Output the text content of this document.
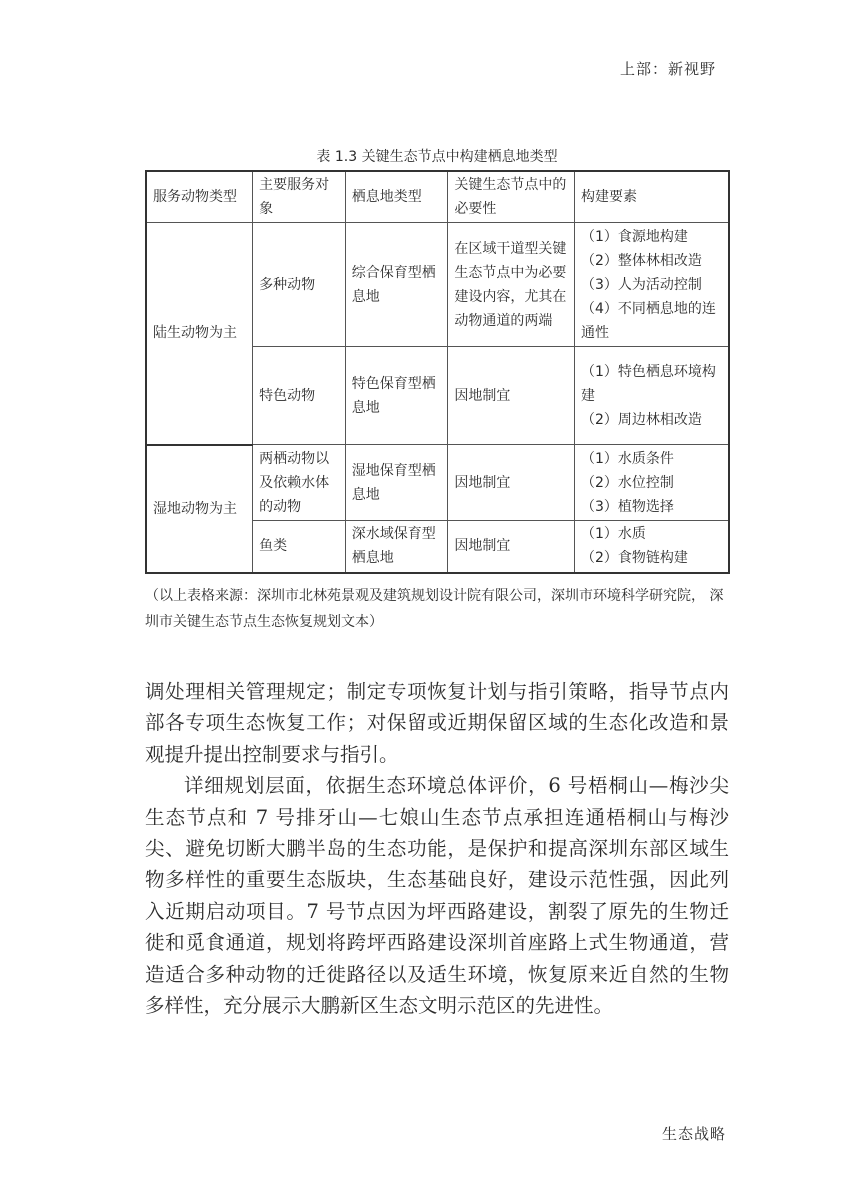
上部：新视野
表 1.3 关键生态节点中构建栖息地类型
服务动物类型	主要服务对象	栖息地类型	关键生态节点中的必要性	构建要素
陆生动物为主	多种动物	综合保育型栖息地	在区域干道型关键生态节点中为必要建设内容，尤其在动物通道的两端	（1）食源地构建
（2）整体林相改造
（3）人为活动控制
（4）不同栖息地的连通性

	特色动物	特色保育型栖息地	因地制宜	（1）特色栖息环境构建
（2）周边林相改造

湿地动物为主	两栖动物以及依赖水体的动物	湿地保育型栖息地	因地制宜	（1）水质条件
（2）水位控制
（3）植物选择

	鱼类	深水域保育型栖息地	因地制宜	（1）水质
（2）食物链构建
（以上表格来源：深圳市北林苑景观及建筑规划设计院有限公司，深圳市环境科学研究院， 深圳市关键生态节点生态恢复规划文本）

调处理相关管理规定；制定专项恢复计划与指引策略，指导节点内部各专项生态恢复工作；对保留或近期保留区域的生态化改造和景观提升提出控制要求与指引。

详细规划层面，依据生态环境总体评价，6 号梧桐山—梅沙尖生态节点和 7 号排牙山—七娘山生态节点承担连通梧桐山与梅沙尖、避免切断大鹏半岛的生态功能，是保护和提高深圳东部区域生物多样性的重要生态版块，生态基础良好，建设示范性强，因此列入近期启动项目。7 号节点因为坪西路建设，割裂了原先的生物迁徙和觅食通道，规划将跨坪西路建设深圳首座路上式生物通道，营造适合多种动物的迁徙路径以及适生环境，恢复原来近自然的生物多样性，充分展示大鹏新区生态文明示范区的先进性。

生态战略
